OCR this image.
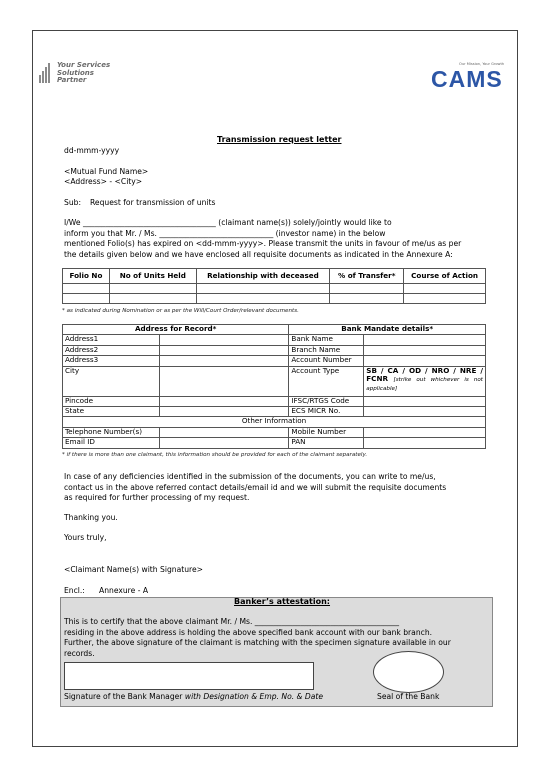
Your Services
Solutions
Partner
Our Mission, Your Growth
CAMS
Transmission request letter
dd-mmm-yyyy
<Mutual Fund Name>
<Address> - <City>
Sub: Request for transmission of units
I/We ___________________________________ (claimant name(s)) solely/jointly would like to
inform you that Mr. / Ms. ______________________________ (investor name) in the below
mentioned Folio(s) has expired on <dd-mmm-yyyy>. Please transmit the units in favour of me/us as per
the details given below and we have enclosed all requisite documents as indicated in the Annexure A:
Folio No	No of Units Held	Relationship with deceased	% of Transfer*	Course of Action

* as indicated during Nomination or as per the Will/Court Order/relevant documents.
Address for Record*		Bank Mandate details*	
Address1		Bank Name	
Address2		Branch Name	
Address3		Account Number	
City		Account Type	SB / CA / OD / NRO / NRE / FCNR [strike out whichever is not applicable]
Pincode		IFSC/RTGS Code	
State		ECS MICR No.	
Other Information			
Telephone Number(s)		Mobile Number	
Email ID		PAN	
* if there is more than one claimant, this information should be provided for each of the claimant separately.
In case of any deficiencies identified in the submission of the documents, you can write to me/us,
contact us in the above referred contact details/email id and we will submit the requisite documents
as required for further processing of my request.
Thanking you.
Yours truly,
<Claimant Name(s) with Signature>
Encl.: Annexure - A
Banker’s attestation:
This is to certify that the above claimant Mr. / Ms. ______________________________________
residing in the above address is holding the above specified bank account with our bank branch.
Further, the above signature of the claimant is matching with the specimen signature available in our
records.
Signature of the Bank Manager with Designation & Emp. No. & Date	Seal of the Bank
